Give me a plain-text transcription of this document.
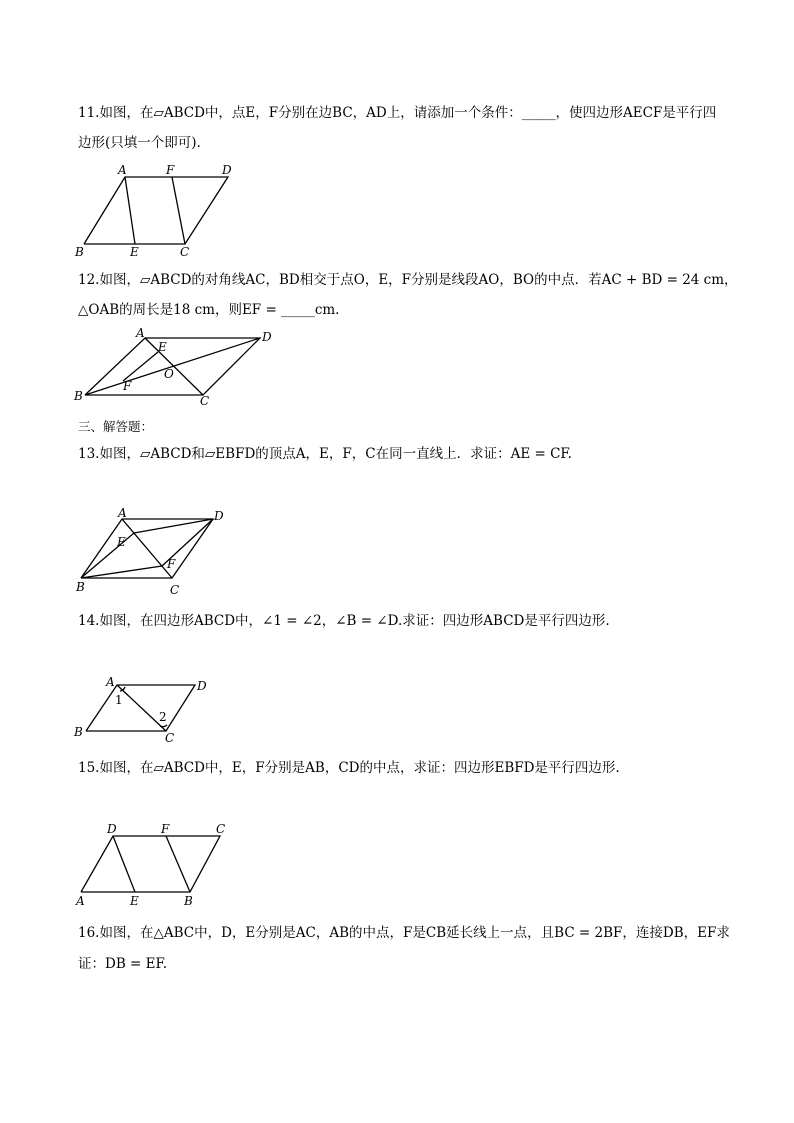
11.如图，在▱ABCD中，点E，F分别在边BC，AD上，请添加一个条件：_____，使四边形AECF是平行四
边形(只填一个即可).
A	F	D
B	E	C
12.如图，▱ABCD的对角线AC，BD相交于点O，E，F分别是线段AO，BO的中点．若AC + BD = 24 cm，
△OAB的周长是18 cm，则EF = _____cm.
A	D
E
O
F
B	C
三、解答题：
13.如图，▱ABCD和▱EBFD的顶点A，E，F，C在同一直线上．求证：AE = CF.
A	D
E
F
B	C
14.如图，在四边形ABCD中，∠1 = ∠2，∠B = ∠D.求证：四边形ABCD是平行四边形.
A	D
B	C
1
2
15.如图，在▱ABCD中，E，F分别是AB，CD的中点，求证：四边形EBFD是平行四边形.
D	F	C
A	E	B
16.如图，在△ABC中，D，E分别是AC，AB的中点，F是CB延长线上一点，且BC = 2BF，连接DB，EF求
证：DB = EF.
